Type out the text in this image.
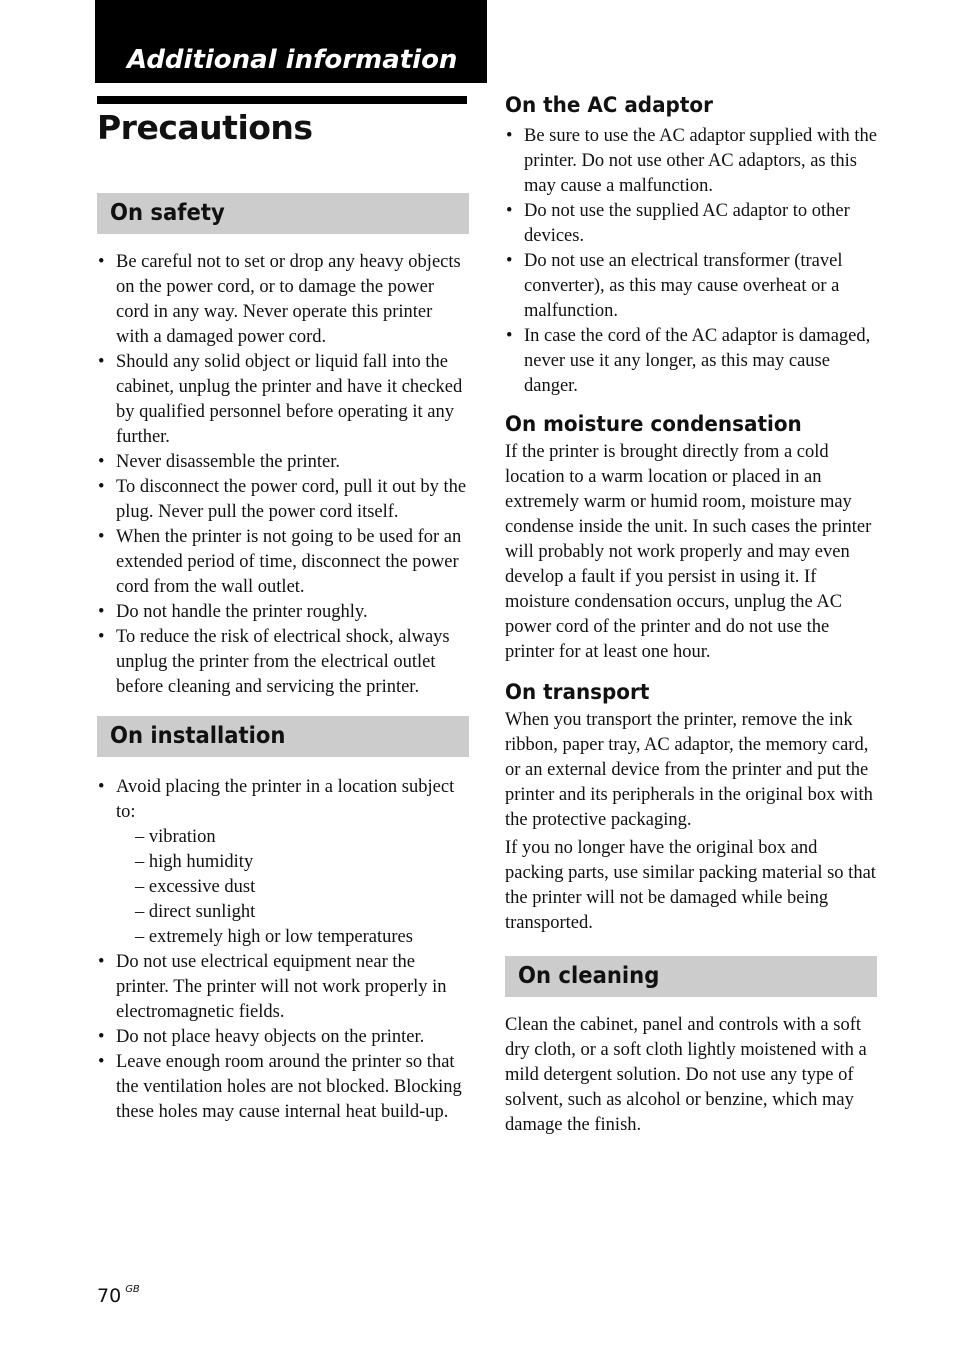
Additional information
Precautions
On safety
• Be careful not to set or drop any heavy objects on the power cord, or to damage the power cord in any way. Never operate this printer with a damaged power cord.
• Should any solid object or liquid fall into the cabinet, unplug the printer and have it checked by qualified personnel before operating it any further.
• Never disassemble the printer.
• To disconnect the power cord, pull it out by the plug. Never pull the power cord itself.
• When the printer is not going to be used for an extended period of time, disconnect the power cord from the wall outlet.
• Do not handle the printer roughly.
• To reduce the risk of electrical shock, always unplug the printer from the electrical outlet before cleaning and servicing the printer.
On installation
• Avoid placing the printer in a location subject to:
– vibration
– high humidity
– excessive dust
– direct sunlight
– extremely high or low temperatures
• Do not use electrical equipment near the printer. The printer will not work properly in electromagnetic fields.
• Do not place heavy objects on the printer.
• Leave enough room around the printer so that the ventilation holes are not blocked. Blocking these holes may cause internal heat build-up.
On the AC adaptor
• Be sure to use the AC adaptor supplied with the printer. Do not use other AC adaptors, as this may cause a malfunction.
• Do not use the supplied AC adaptor to other devices.
• Do not use an electrical transformer (travel converter), as this may cause overheat or a malfunction.
• In case the cord of the AC adaptor is damaged, never use it any longer, as this may cause danger.
On moisture condensation

If the printer is brought directly from a cold location to a warm location or placed in an extremely warm or humid room, moisture may condense inside the unit. In such cases the printer will probably not work properly and may even develop a fault if you persist in using it. If moisture condensation occurs, unplug the AC power cord of the printer and do not use the printer for at least one hour.

On transport

When you transport the printer, remove the ink ribbon, paper tray, AC adaptor, the memory card, or an external device from the printer and put the printer and its peripherals in the original box with the protective packaging.

If you no longer have the original box and packing parts, use similar packing material so that the printer will not be damaged while being transported.

On cleaning

Clean the cabinet, panel and controls with a soft dry cloth, or a soft cloth lightly moistened with a mild detergent solution. Do not use any type of solvent, such as alcohol or benzine, which may damage the finish.

70 $^{GB}$
